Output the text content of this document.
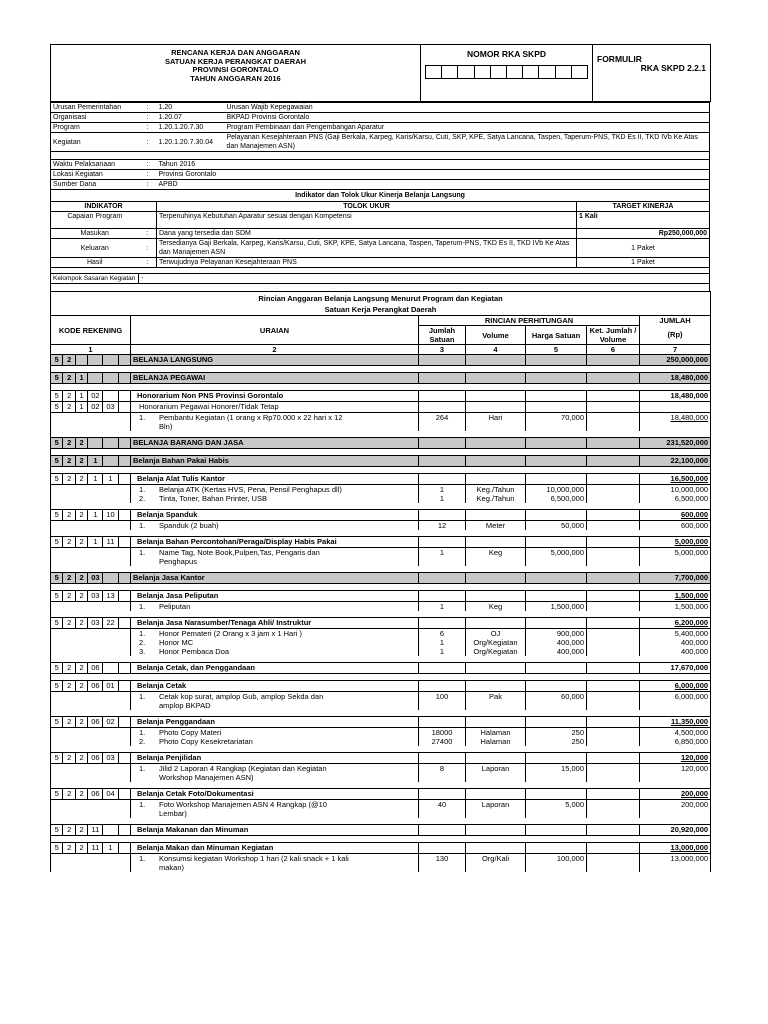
RENCANA KERJA DAN ANGGARAN
SATUAN KERJA PERANGKAT DAERAH
PROVINSI GORONTALO
TAHUN ANGGARAN 2016

NOMOR RKA SKPD	FORMULIR
RKA SKPD 2.2.1
Urusan Pemerintahan	:	1.20	Urusan Wajib Kepegawaian
Organisasi	:	1.20.07	BKPAD Provinsi Gorontalo
Program	:	1.20.1.20.7.30	Program Pembinaan dan Pengembangan Aparatur
Kegiatan	:	1.20.1.20.7.30.04	Pelayanan Kesejahteraan PNS (Gaji Berkala, Karpeg, Karis/Karsu, Cuti, SKP, KPE, Satya Lancana, Taspen, Taperum-PNS, TKD Es II, TKD IVb Ke Atas dan Manajemen ASN)

Waktu Pelaksanaan	:	Tahun 2016	
Lokasi Kegiatan	:	Provinsi Gorontalo	
Sumber Dana	:	APBD	
Indikator dan Tolok Ukur Kinerja Belanja Langsung			
INDIKATOR		TOLOK UKUR	TARGET KINERJA
Capaian Program		Terpenuhinya Kebutuhan Aparatur sesuai dengan Kompetensi	1 Kali
Masukan	:	Dana yang tersedia dan SDM	Rp250,000,000
Keluaran	:	Tersedianya Gaji Berkala, Karpeg, Karis/Karsu, Cuti, SKP, KPE, Satya Lancana, Taspen, Taperum-PNS, TKD Es II, TKD IVb Ke Atas dan Manajemen ASN	1 Paket
Hasil	:	Terwujudnya Pelayanan Kesejahteraan PNS	1 Paket

Kelompok Sasaran Kegiatan	-		

Rincian Anggaran Belanja Langsung Menurut Program dan Kegiatan
Satuan Kerja Perangkat Daerah						

KODE REKENING	URAIAN	RINCIAN PERHITUNGAN				JUMLAH
		Jumlah Satuan	Volume	Harga Satuan	Ket. Jumlah / Volume	(Rp)
1	2	3	4	5	6	7

5 2	BELANJA LANGSUNG					250,000,000

5 2 1	BELANJA PEGAWAI					18,480,000

5 2 1 02	Honorarium Non PNS Provinsi Gorontalo					18,480,000

5 2 1 02 03	Honorarium Pegawai Honorer/Tidak Tetap					

	1. Pembantu Kegiatan (1 orang x Rp70.000 x 22 hari x 12 Bln)	264	Hari	70,000		18,480,000

5 2 2	BELANJA BARANG DAN JASA					231,520,000

5 2 2 1	Belanja Bahan Pakai Habis					22,100,000

5 2 2 1 1	Belanja Alat Tulis Kantor					16,500,000

	1. Belanja ATK (Kertas HVS, Pena, Pensil Penghapus dll)	1	Keg./Tahun	10,000,000		10,000,000

	2. Tinta, Toner, Bahan Printer, USB	1	Keg./Tahun	6,500,000		6,500,000

5 2 2 1 10	Belanja Spanduk					600,000

	1. Spanduk (2 buah)	12	Meter	50,000		600,000

5 2 2 1 11	Belanja Bahan Percontohan/Peraga/Display Habis Pakai					5,000,000

	1. Name Tag, Note Book,Pulpen,Tas, Pengaris dan Penghapus	1	Keg	5,000,000		5,000,000

5 2 2 03	Belanja Jasa Kantor					7,700,000

5 2 2 03 13	Belanja Jasa Peliputan					1,500,000

	1. Peliputan	1	Keg	1,500,000		1,500,000

5 2 2 03 22	Belanja Jasa Narasumber/Tenaga Ahli/ Instruktur					6,200,000

	1. Honor Pemateri (2 Orang x 3 jam x 1 Hari )	6	OJ	900,000		5,400,000

	2. Honor MC	1	Org/Kegiatan	400,000		400,000

	3. Honor Pembaca Doa	1	Org/Kegiatan	400,000		400,000

5 2 2 06	Belanja Cetak, dan Penggandaan					17,670,000

5 2 2 06 01	Belanja Cetak					6,000,000

	1. Cetak kop surat, amplop Gub, amplop Sekda dan amplop BKPAD	100	Pak	60,000		6,000,000

5 2 2 06 02	Belanja Penggandaan					11,350,000

	1. Photo Copy Materi	18000	Halaman	250		4,500,000

	2. Photo Copy Kesekretariatan	27400	Halaman	250		6,850,000

5 2 2 06 03	Belanja Penjilidan					120,000

	1. Jilid 2 Laporan 4 Rangkap (Kegiatan dan Kegiatan Workshop Manajemen ASN)	8	Laporan	15,000		120,000

5 2 2 06 04	Belanja Cetak Foto/Dokumentasi					200,000

	1. Foto Workshop Manajemen ASN 4 Rangkap (@10 Lembar)	40	Laporan	5,000		200,000

5 2 2 11	Belanja Makanan dan Minuman					20,920,000

5 2 2 11 1	Belanja Makan dan Minuman Kegiatan					13,000,000

	1. Konsumsi kegiatan Workshop 1 hari (2 kali snack + 1 kali makan)	130	Org/Kali	100,000		13,000,000
